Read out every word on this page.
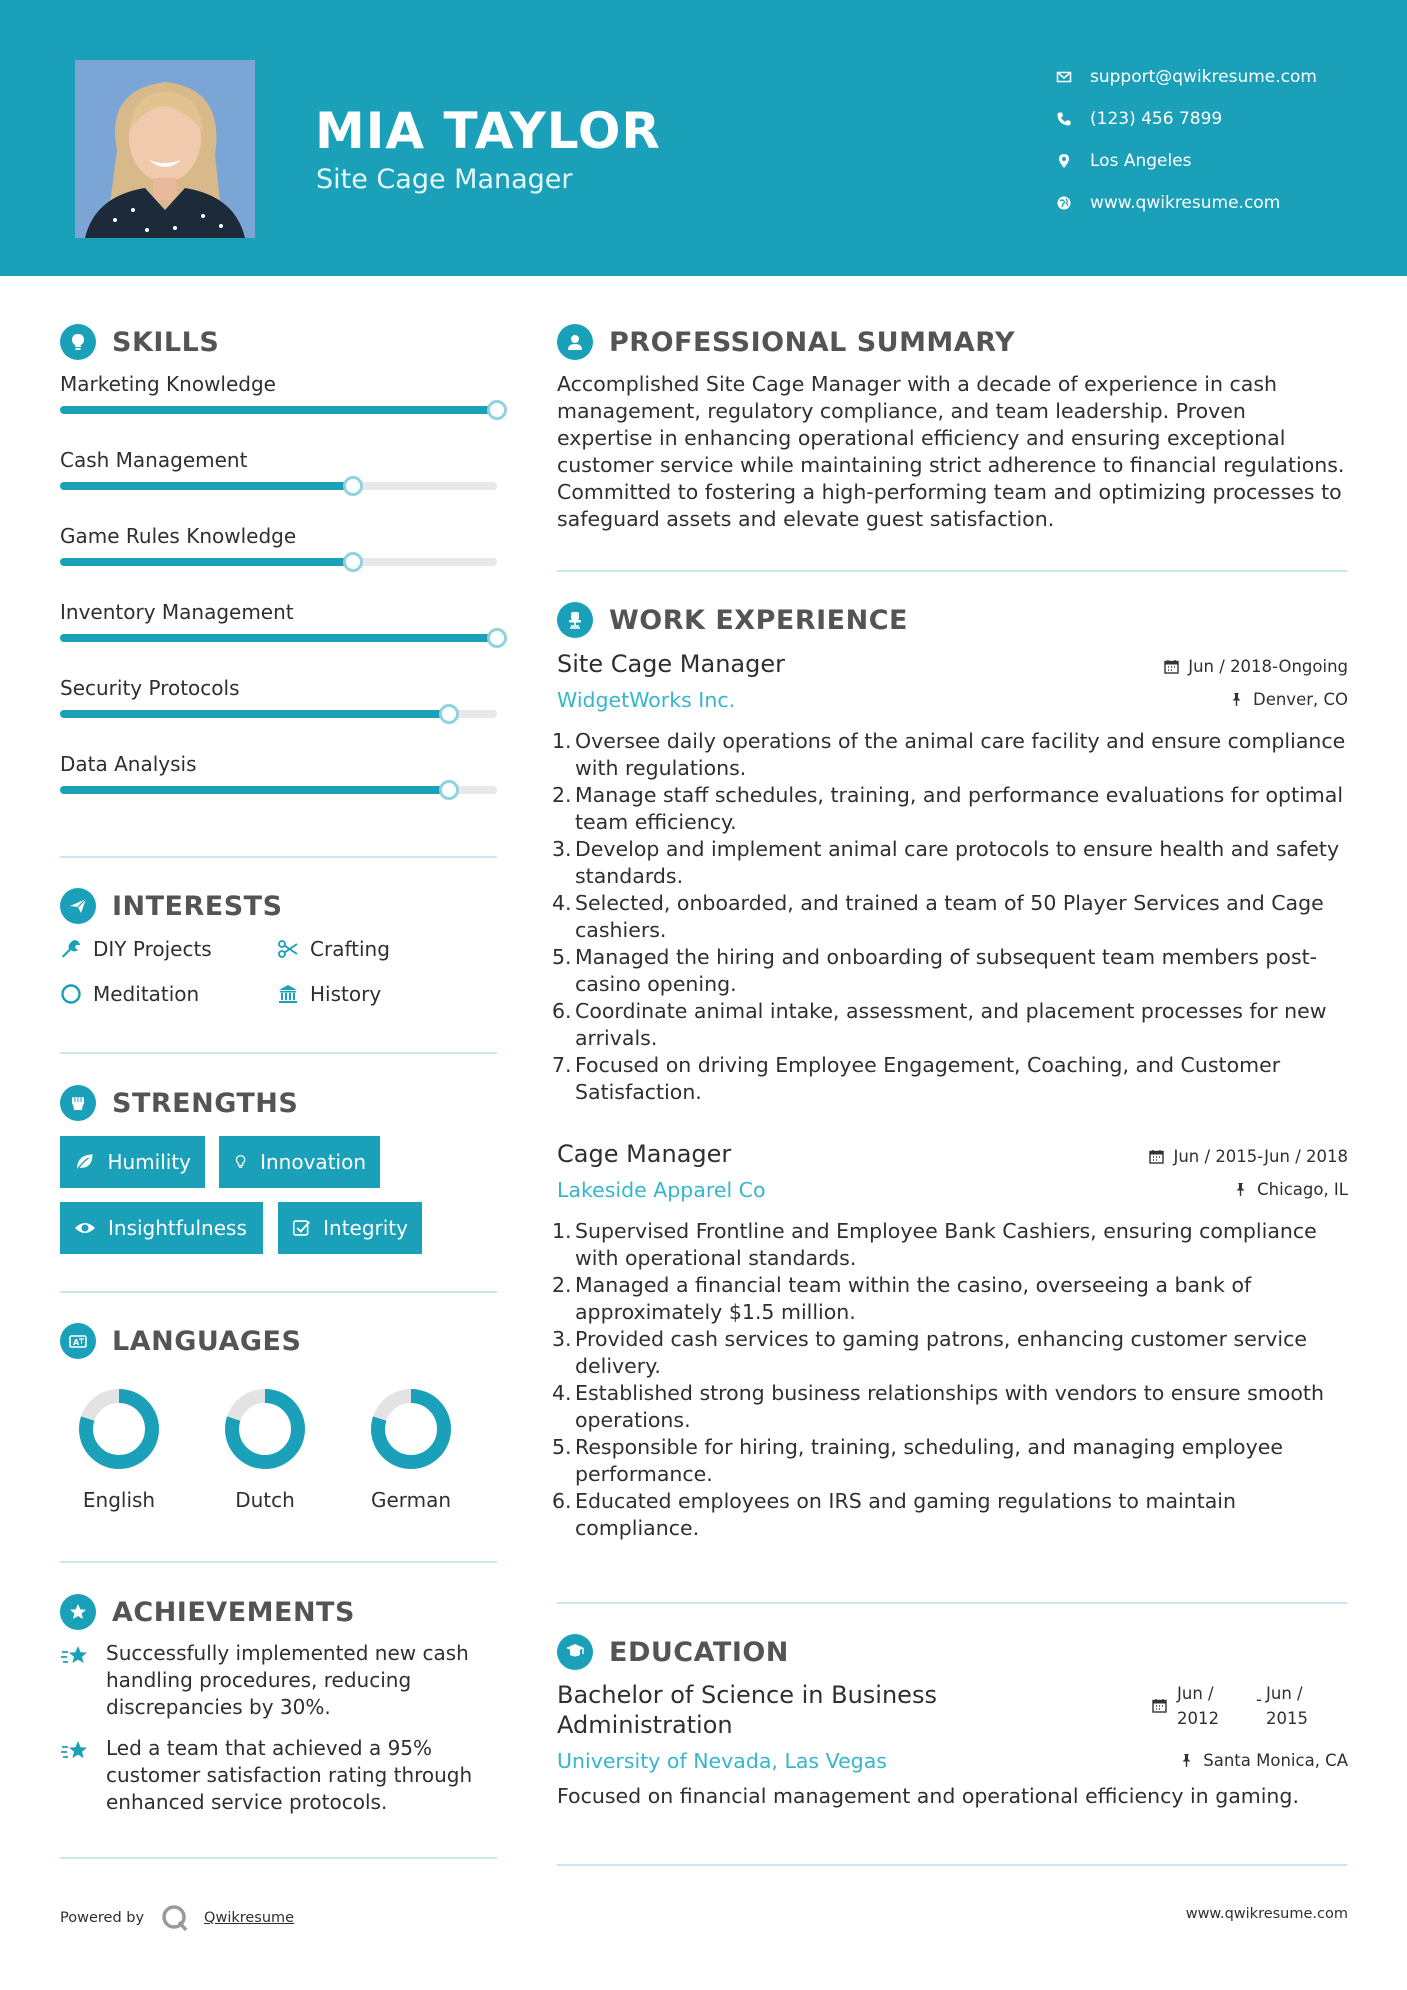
MIA TAYLOR
Site Cage Manager
support@qwikresume.com
(123) 456 7899
Los Angeles
www.qwikresume.com
SKILLS
Marketing Knowledge
Cash Management
Game Rules Knowledge
Inventory Management
Security Protocols
Data Analysis
INTERESTS
DIY Projects	Crafting
Meditation	History
STRENGTHS
Humility	Innovation
Insightfulness	Integrity
A LANGUAGES
English	Dutch	German
ACHIEVEMENTS
Successfully implemented new cash handling procedures, reducing discrepancies by 30%.
Led a team that achieved a 95% customer satisfaction rating through enhanced service protocols.
PROFESSIONAL SUMMARY
Accomplished Site Cage Manager with a decade of experience in cash management, regulatory compliance, and team leadership. Proven expertise in enhancing operational efficiency and ensuring exceptional customer service while maintaining strict adherence to financial regulations. Committed to fostering a high-performing team and optimizing processes to safeguard assets and elevate guest satisfaction.
WORK EXPERIENCE
Site Cage Manager	Jun / 2018-Ongoing
WidgetWorks Inc.	Denver, CO
1. Oversee daily operations of the animal care facility and ensure compliance with regulations.
2. Manage staff schedules, training, and performance evaluations for optimal team efficiency.
3. Develop and implement animal care protocols to ensure health and safety standards.
4. Selected, onboarded, and trained a team of 50 Player Services and Cage cashiers.
5. Managed the hiring and onboarding of subsequent team members post-casino opening.
6. Coordinate animal intake, assessment, and placement processes for new arrivals.
7. Focused on driving Employee Engagement, Coaching, and Customer Satisfaction.
Cage Manager	Jun / 2015-Jun / 2018
Lakeside Apparel Co	Chicago, IL
1. Supervised Frontline and Employee Bank Cashiers, ensuring compliance with operational standards.
2. Managed a financial team within the casino, overseeing a bank of approximately $1.5 million.
3. Provided cash services to gaming patrons, enhancing customer service delivery.
4. Established strong business relationships with vendors to ensure smooth operations.
5. Responsible for hiring, training, scheduling, and managing employee performance.
6. Educated employees on IRS and gaming regulations to maintain compliance.
EDUCATION
Bachelor of Science in Business Administration
Jun /
2012
- Jun /
2015
University of Nevada, Las Vegas	Santa Monica, CA
Focused on financial management and operational efficiency in gaming.
Powered by	Qwikresume	www.qwikresume.com
